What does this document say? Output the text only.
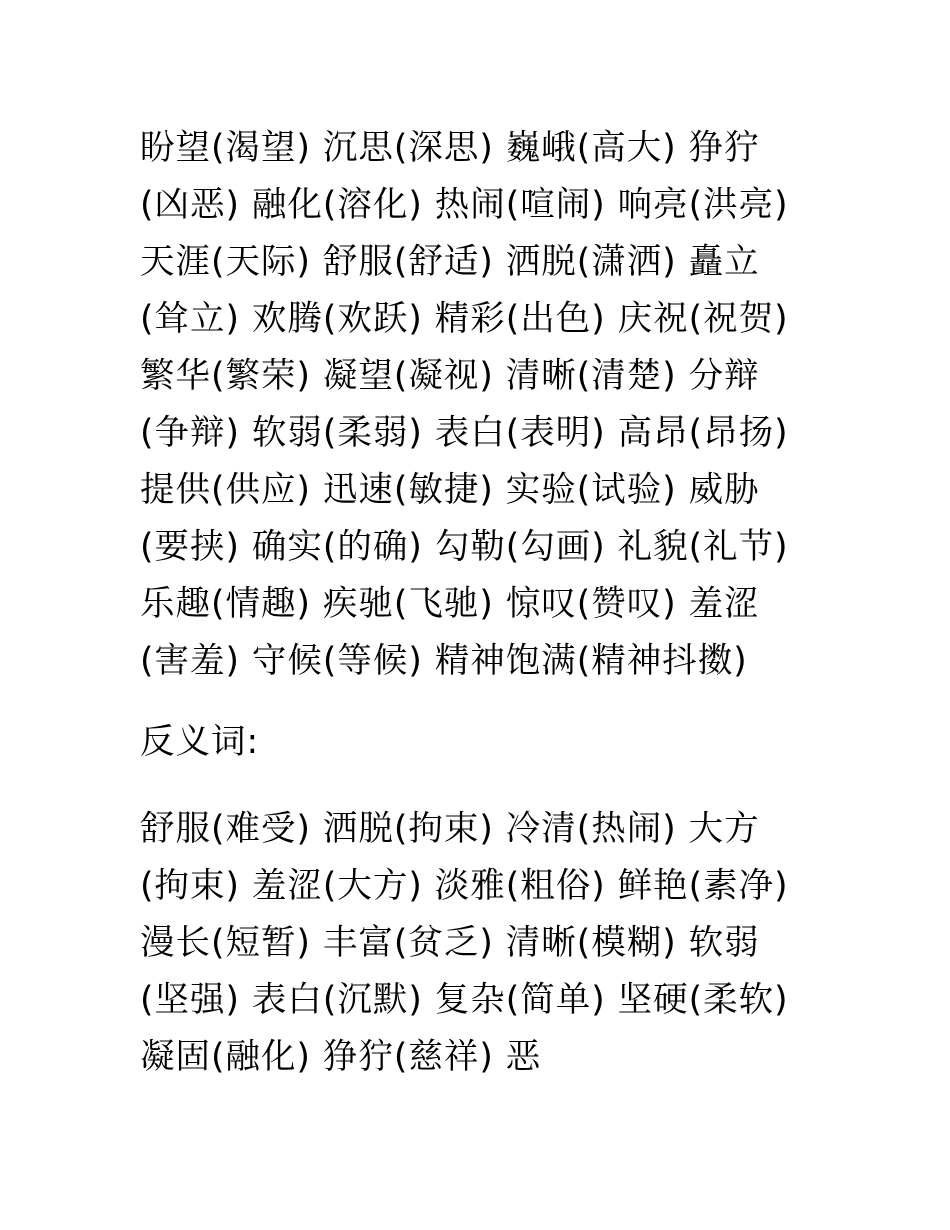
盼望(渴望) 沉思(深思) 巍峨(高大) 狰狞(凶恶) 融化(溶化) 热闹(喧闹) 响亮(洪亮) 天涯(天际) 舒服(舒适) 洒脱(潇洒) 矗立(耸立) 欢腾(欢跃) 精彩(出色) 庆祝(祝贺) 繁华(繁荣) 凝望(凝视) 清晰(清楚) 分辩(争辩) 软弱(柔弱) 表白(表明) 高昂(昂扬) 提供(供应) 迅速(敏捷) 实验(试验) 威胁(要挟) 确实(的确) 勾勒(勾画) 礼貌(礼节) 乐趣(情趣) 疾驰(飞驰) 惊叹(赞叹) 羞涩(害羞) 守候(等候) 精神饱满(精神抖擞)

反义词:

舒服(难受) 洒脱(拘束) 冷清(热闹) 大方(拘束) 羞涩(大方) 淡雅(粗俗) 鲜艳(素净) 漫长(短暂) 丰富(贫乏) 清晰(模糊) 软弱(坚强) 表白(沉默) 复杂(简单) 坚硬(柔软) 凝固(融化) 狰狞(慈祥) 恶
